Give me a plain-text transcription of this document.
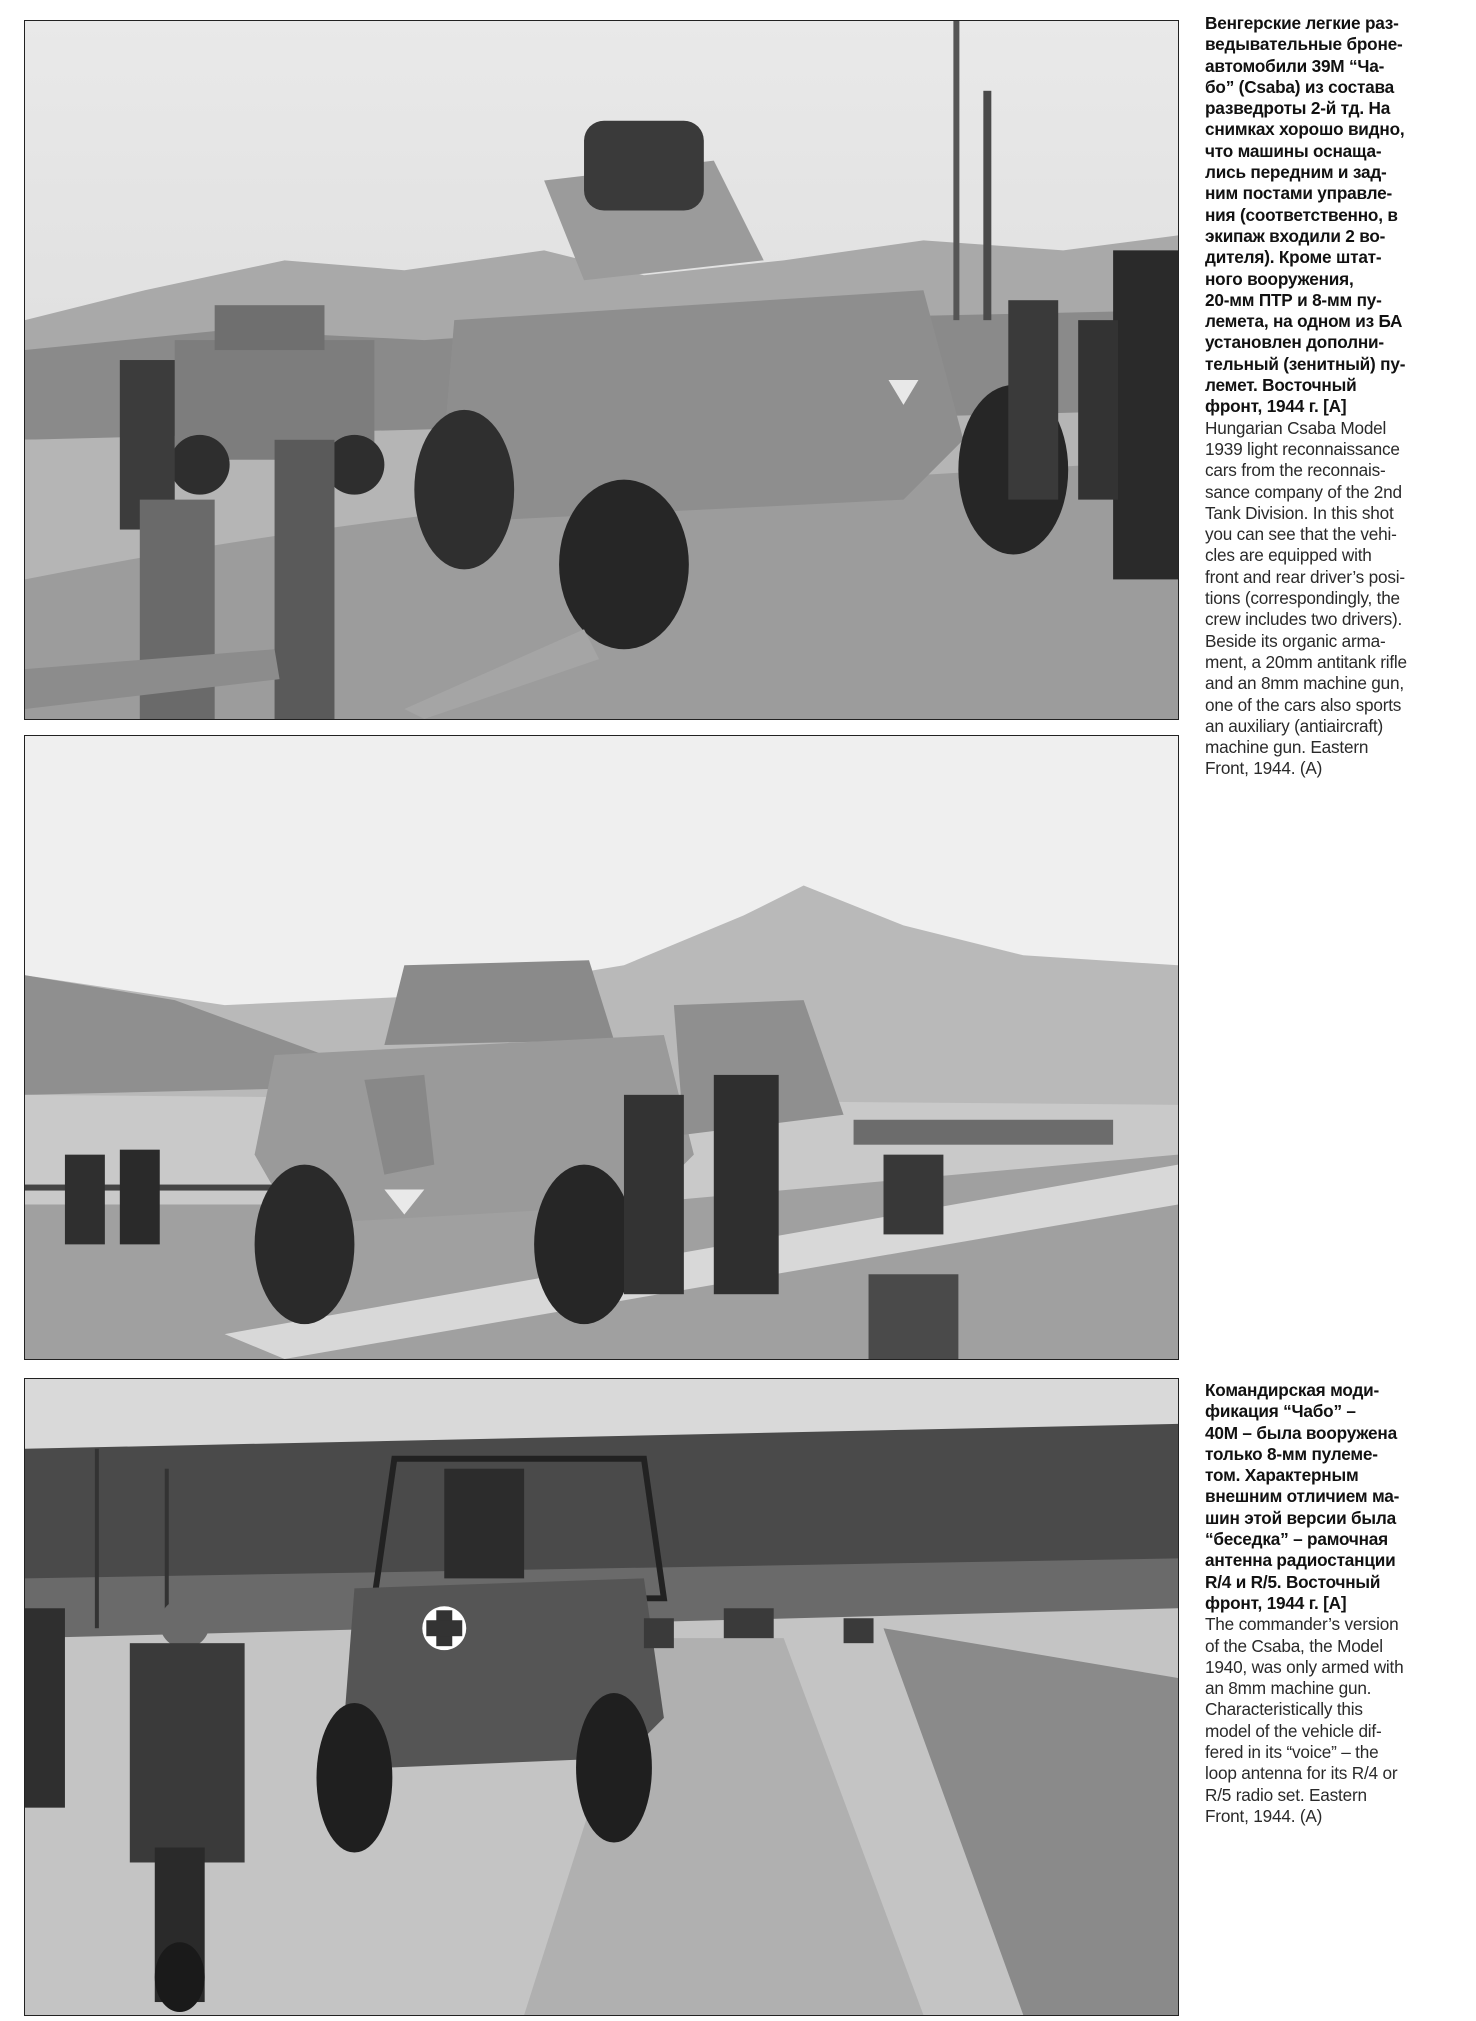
Венгерские легкие раз-
ведывательные броне-
автомобили 39М “Ча-
бо” (Csaba) из состава
разведроты 2-й тд. На
снимках хорошо видно,
что машины оснаща-
лись передним и зад-
ним постами управле-
ния (соответственно, в
экипаж входили 2 во-
дителя). Кроме штат-
ного вооружения,
20-мм ПТР и 8-мм пу-
лемета, на одном из БА
установлен дополни-
тельный (зенитный) пу-
лемет. Восточный
фронт, 1944 г. [А]

Hungarian Csaba Model
1939 light reconnaissance
cars from the reconnais-
sance company of the 2nd
Tank Division. In this shot
you can see that the vehi-
cles are equipped with
front and rear driver’s posi-
tions (correspondingly, the
crew includes two drivers).
Beside its organic arma-
ment, a 20mm antitank rifle
and an 8mm machine gun,
one of the cars also sports
an auxiliary (antiaircraft)
machine gun. Eastern
Front, 1944. (A)

Командирская моди-
фикация “Чабо” –
40М – была вооружена
только 8-мм пулеме-
том. Характерным
внешним отличием ма-
шин этой версии была
“беседка” – рамочная
антенна радиостанции
R/4 и R/5. Восточный
фронт, 1944 г. [А]

The commander’s version
of the Csaba, the Model
1940, was only armed with
an 8mm machine gun.
Characteristically this
model of the vehicle dif-
fered in its “voice” – the
loop antenna for its R/4 or
R/5 radio set. Eastern
Front, 1944. (A)
